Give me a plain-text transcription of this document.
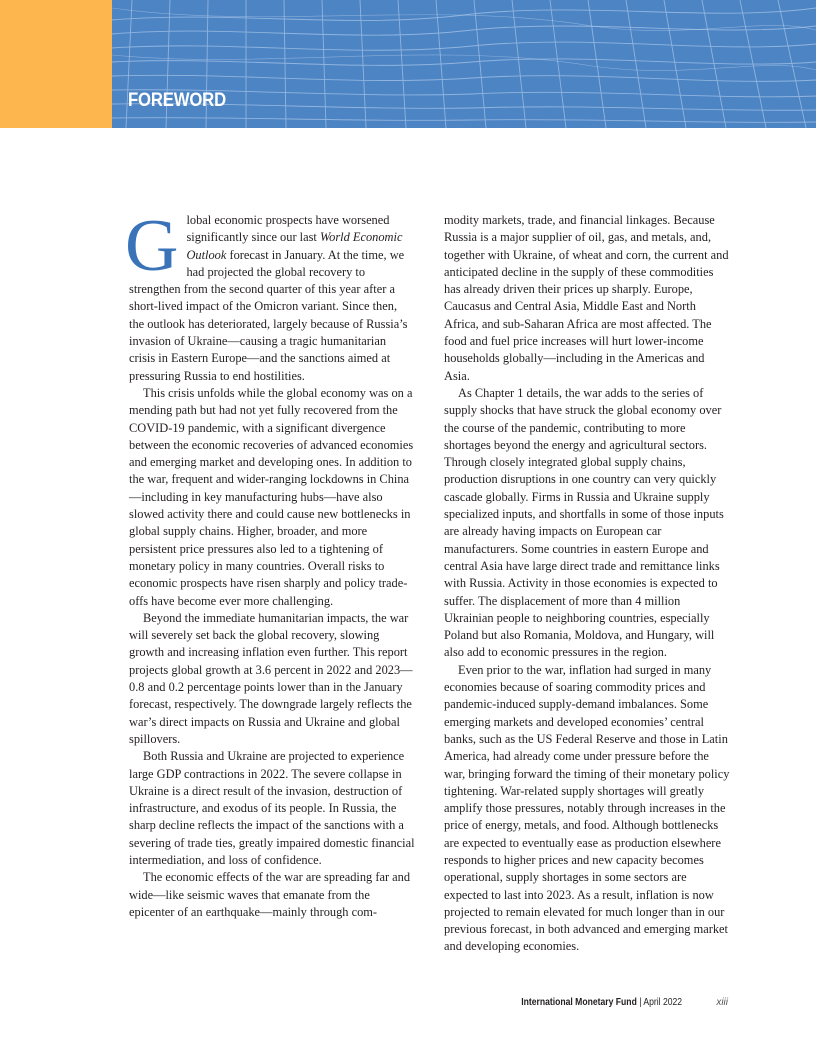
FOREWORD

Global economic prospects have worsened significantly since our last World Economic Outlook forecast in January. At the time, we had projected the global recovery to strengthen from the second quarter of this year after a short-lived impact of the Omicron variant. Since then, the outlook has deteriorated, largely because of Russia’s invasion of Ukraine—causing a tragic humanitarian crisis in Eastern Europe—and the sanctions aimed at pressuring Russia to end hostilities.

This crisis unfolds while the global economy was on a mending path but had not yet fully recovered from the COVID-19 pandemic, with a significant divergence between the economic recoveries of advanced economies and emerging market and developing ones. In addition to the war, frequent and wider-ranging lockdowns in China—including in key manufacturing hubs—have also slowed activity there and could cause new bottlenecks in global supply chains. Higher, broader, and more persistent price pressures also led to a tightening of monetary policy in many countries. Overall risks to economic prospects have risen sharply and policy trade-offs have become ever more challenging.

Beyond the immediate humanitarian impacts, the war will severely set back the global recovery, slowing growth and increasing inflation even further. This report projects global growth at 3.6 percent in 2022 and 2023—0.8 and 0.2 percentage points lower than in the January forecast, respectively. The downgrade largely reflects the war’s direct impacts on Russia and Ukraine and global spillovers.

Both Russia and Ukraine are projected to experience large GDP contractions in 2022. The severe collapse in Ukraine is a direct result of the invasion, destruction of infrastructure, and exodus of its people. In Russia, the sharp decline reflects the impact of the sanctions with a severing of trade ties, greatly impaired domestic financial intermediation, and loss of confidence.

The economic effects of the war are spreading far and wide—like seismic waves that emanate from the epicenter of an earthquake—mainly through com-

modity markets, trade, and financial linkages. Because Russia is a major supplier of oil, gas, and metals, and, together with Ukraine, of wheat and corn, the current and anticipated decline in the supply of these commodities has already driven their prices up sharply. Europe, Caucasus and Central Asia, Middle East and North Africa, and sub-Saharan Africa are most affected. The food and fuel price increases will hurt lower-income households globally—including in the Americas and Asia.

As Chapter 1 details, the war adds to the series of supply shocks that have struck the global economy over the course of the pandemic, contributing to more shortages beyond the energy and agricultural sectors. Through closely integrated global supply chains, production disruptions in one country can very quickly cascade globally. Firms in Russia and Ukraine supply specialized inputs, and shortfalls in some of those inputs are already having impacts on European car manufacturers. Some countries in eastern Europe and central Asia have large direct trade and remittance links with Russia. Activity in those economies is expected to suffer. The displacement of more than 4 million Ukrainian people to neighboring countries, especially Poland but also Romania, Moldova, and Hungary, will also add to economic pressures in the region.

Even prior to the war, inflation had surged in many economies because of soaring commodity prices and pandemic-induced supply-demand imbalances. Some emerging markets and developed economies’ central banks, such as the US Federal Reserve and those in Latin America, had already come under pressure before the war, bringing forward the timing of their monetary policy tightening. War-related supply shortages will greatly amplify those pressures, notably through increases in the price of energy, metals, and food. Although bottlenecks are expected to eventually ease as production elsewhere responds to higher prices and new capacity becomes operational, supply shortages in some sectors are expected to last into 2023. As a result, inflation is now projected to remain elevated for much longer than in our previous forecast, in both advanced and emerging market and developing economies.

International Monetary Fund | April 2022	xiii
